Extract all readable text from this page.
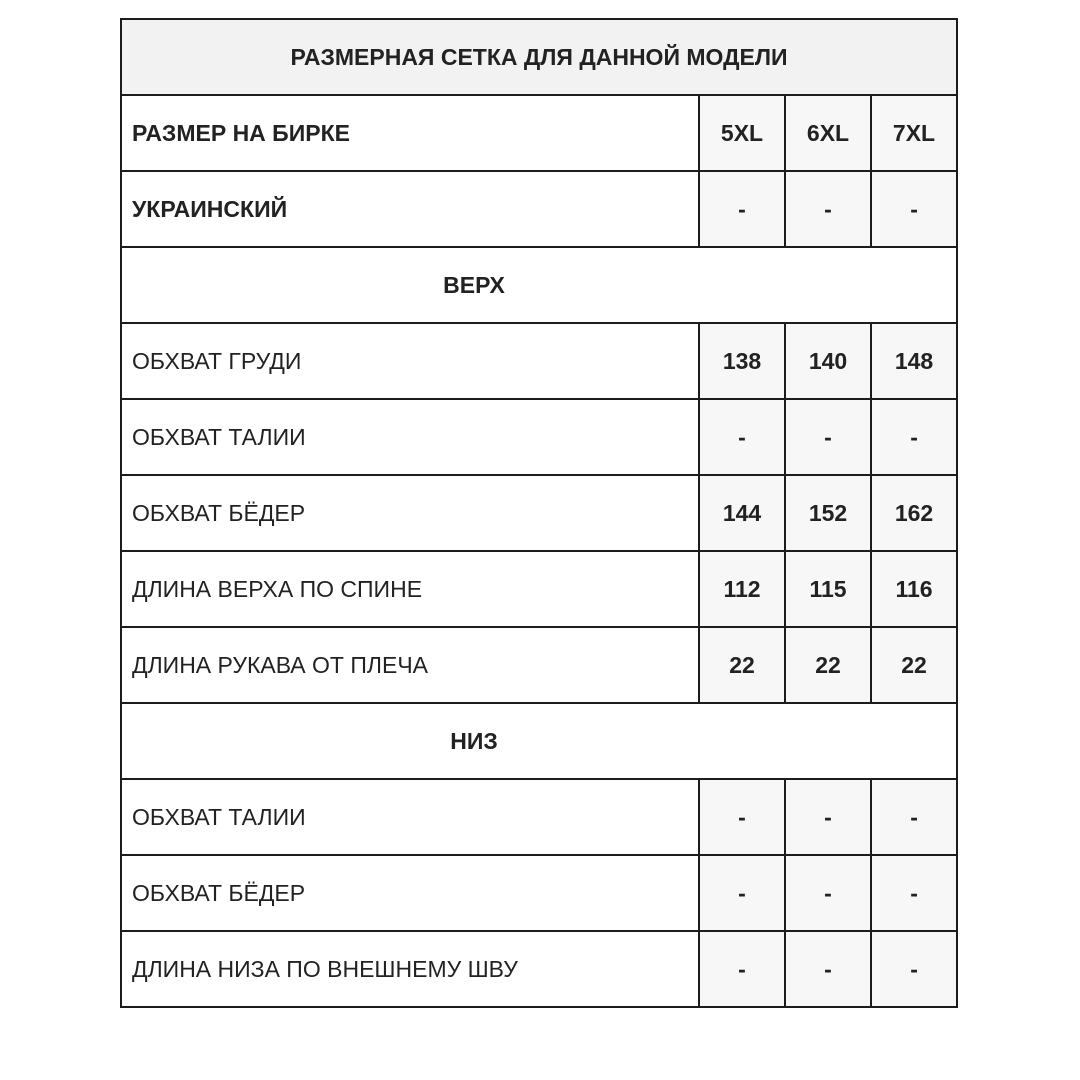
РАЗМЕРНАЯ СЕТКА ДЛЯ ДАННОЙ МОДЕЛИ			
РАЗМЕР НА БИРКЕ	5XL	6XL	7XL
УКРАИНСКИЙ	-	-	-
ВЕРХ			
ОБХВАТ ГРУДИ	138	140	148
ОБХВАТ ТАЛИИ	-	-	-
ОБХВАТ БЁДЕР	144	152	162
ДЛИНА ВЕРХА ПО СПИНЕ	112	115	116
ДЛИНА РУКАВА ОТ ПЛЕЧА	22	22	22
НИЗ			
ОБХВАТ ТАЛИИ	-	-	-
ОБХВАТ БЁДЕР	-	-	-
ДЛИНА НИЗА ПО ВНЕШНЕМУ ШВУ	-	-	-
